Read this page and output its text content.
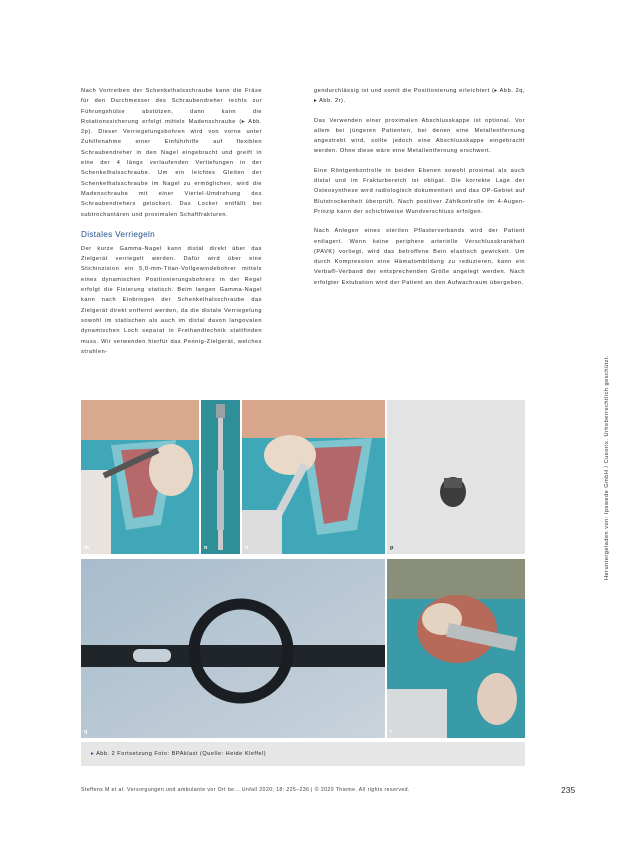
Nach Vortreiben der Schenkelhalsschraube kann die Fräse für den Durchmesser des Schraubendreher rechts zur Führungshülse abstützen, dann kann die Rotationssicherung erfolgt mittels Madenschraube (▸ Abb. 2p). Dieser Verriegelungsbohren wird von vorne unter Zuhilfenahme einer Einführhilfe auf flexiblen Schraubendreher in den Nagel eingebracht und greift in eine der 4 längs verlaufenden Vertiefungen in der Schenkelhalsschraube. Um ein leichtes Gleiten der Schenkelhalsschraube im Nagel zu ermöglichen, wird die Madenschraube mit einer Viertel-Umdrehung des Schraubendrehers gelockert. Das Locker entfällt bei subtrochantären und proximalen Schaftfrakturen.

Distales Verriegeln

Der kurze Gamma-Nagel kann distal direkt über das Zielgerät verriegelt werden. Dafür wird über eine Stichinzision ein 5,0-mm-Titan-Vollgewindebohrer mittels eines dynamischen Positionierungsbohrers in der Regel erfolgt die Fixierung statisch. Beim langen Gamma-Nagel kann nach Einbringen der Schenkelhalsschraube das Zielgerät direkt entfernt werden, da die distale Verriegelung sowohl im statischen als auch im distal davon langovalen dynamischen Loch separat in Freihandtechnik stattfinden muss. Wir verwenden hierfür das Pennig-Zielgerät, welches strahlen-

gendurchlässig ist und somit die Positionierung erleichtert (▸ Abb. 2q, ▸ Abb. 2r).

Das Verwenden einer proximalen Abschlusskappe ist optional. Vor allem bei jüngeren Patienten, bei denen eine Metallentfernung angestrebt wird, sollte jedoch eine Abschlusskappe eingebracht werden. Ohne diese wäre eine Metallentfernung erschwert.

Eine Röntgenkontrolle in beiden Ebenen sowohl proximal als auch distal und im Frakturbereich ist obligat. Die korrekte Lage der Osteosynthese wird radiologisch dokumentiert und das OP-Gebiet auf Blutstrockenheit überprüft. Nach positiver Zählkontrolle im 4-Augen-Prinzip kann der schichtweise Wundverschluss erfolgen.

Nach Anlegen eines sterilen Pflasterverbands wird der Patient entlagert. Wenn keine periphere arterielle Verschlusskrankheit (PAVK) vorliegt, wird das betroffene Bein elastisch gewickelt. Um durch Kompression eine Hämatombildung zu reduzieren, kann ein Verba®-Verband der entsprechenden Größe angelegt werden. Nach erfolgter Extubation wird der Patient an den Aufwachraum übergeben.

Heruntergeladen von: Ipswede GmbH / Cueorix. Urheberrechtlich geschützt.
m	n	o	p
q	r
▸ Abb. 2 Fortsetzung Foto: BPAklast (Quelle: Heide Kleffel)
Steffens M et al. Versorgungen und ambulante vor Ort be... Unfall 2020; 18: 225–236 | © 2020 Thieme. All rights reserved.	235
